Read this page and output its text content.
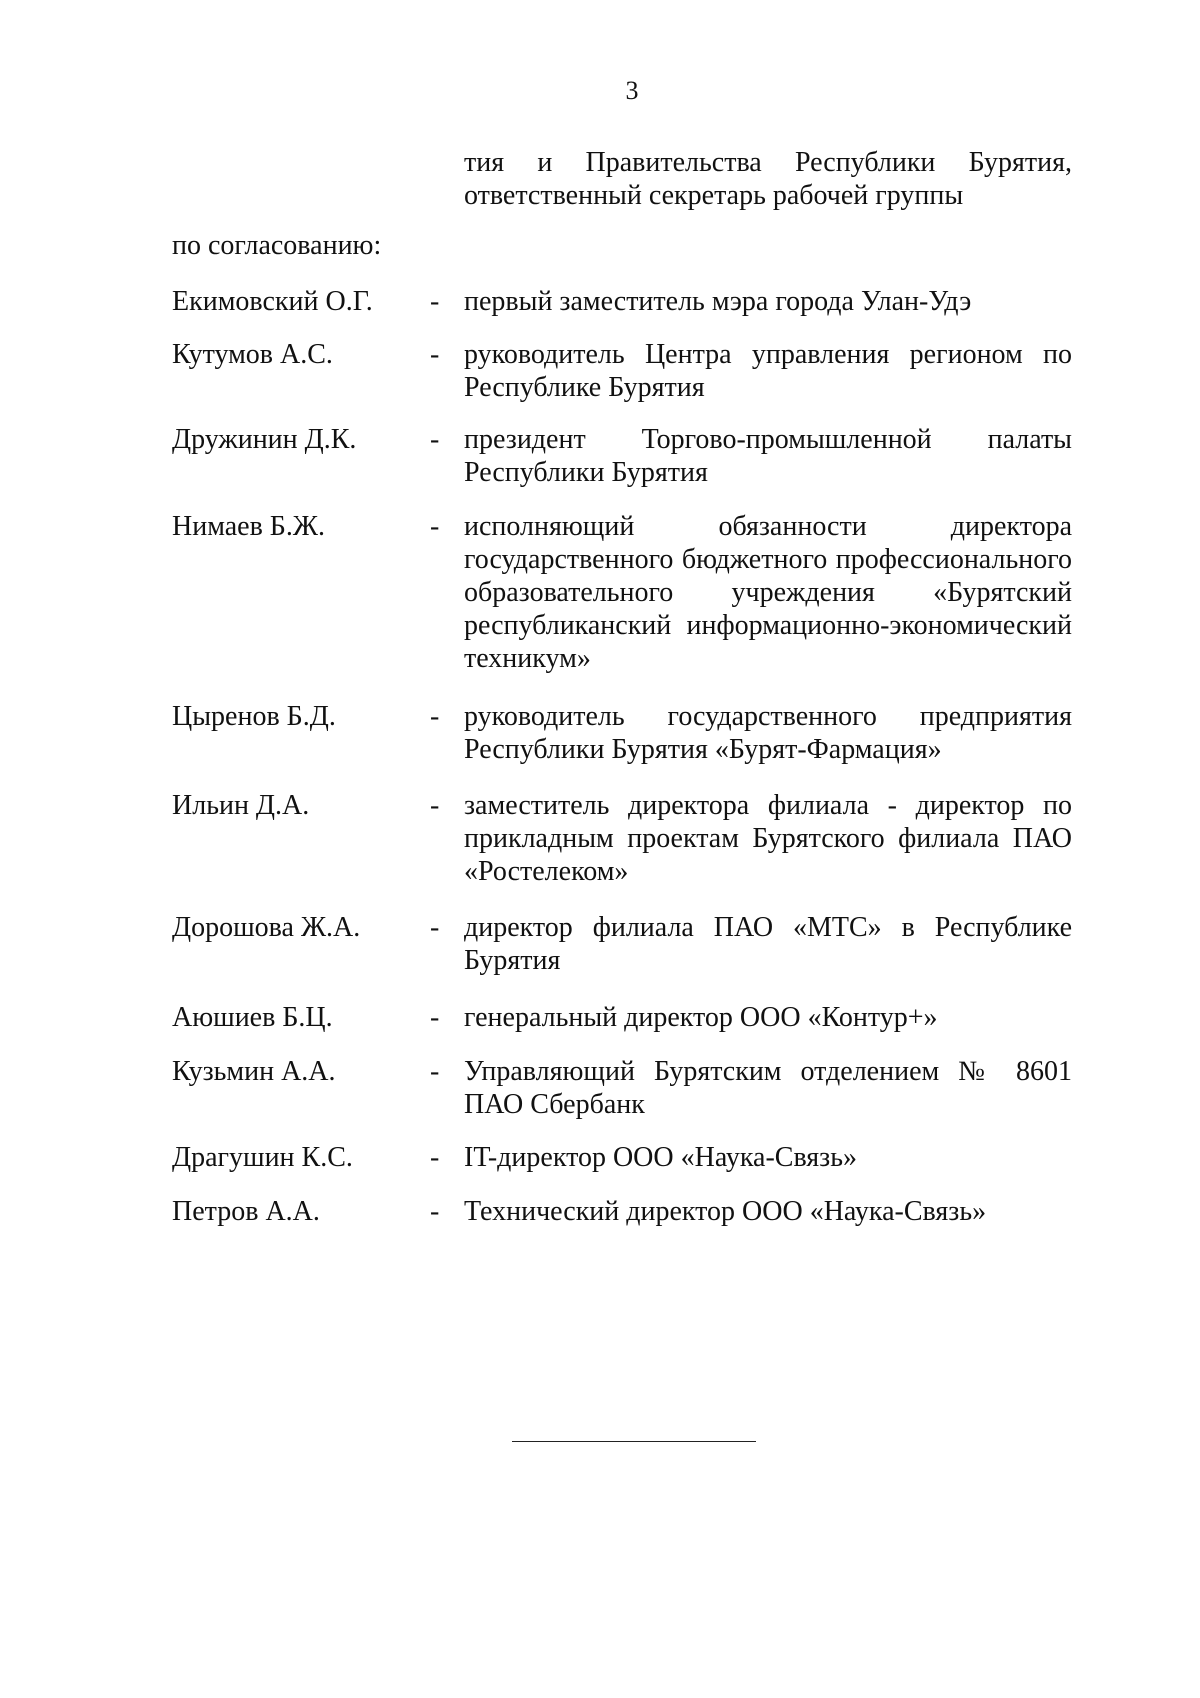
3
тия и Правительства Республики Бурятия, ответственный секретарь рабочей группы
по согласованию:
Екимовский О.Г. - первый заместитель мэра города Улан-Удэ
Кутумов А.С.	- руководитель Центра управления регионом по Республике Бурятия
Дружинин Д.К.	- президент Торгово-промышленной палаты Республики Бурятия
Нимаев Б.Ж.	- исполняющий обязанности директора государственного бюджетного профессионального образовательного учреждения «Бурятский республиканский информационно-экономический техникум»
Цыренов Б.Д.	- руководитель государственного предприятия Республики Бурятия «Бурят-Фармация»
Ильин Д.А.	- заместитель директора филиала - директор по прикладным проектам Бурятского филиала ПАО «Ростелеком»
Дорошова Ж.А. - директор филиала ПАО «МТС» в Республике Бурятия
Аюшиев Б.Ц.	- генеральный директор ООО «Контур+»
Кузьмин А.А.	- Управляющий Бурятским отделением № 8601 ПАО Сбербанк
Драгушин К.С.	- IT-директор ООО «Наука-Связь»
Петров А.А.	- Технический директор ООО «Наука-Связь»
